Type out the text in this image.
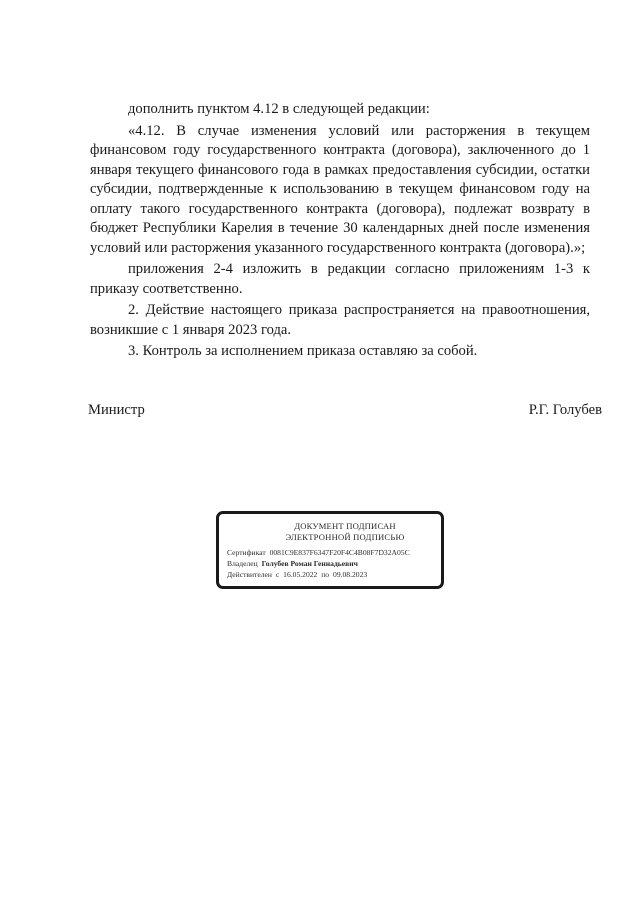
дополнить пунктом 4.12 в следующей редакции:

«4.12. В случае изменения условий или расторжения в текущем финансовом году государственного контракта (договора), заключенного до 1 января текущего финансового года в рамках предоставления субсидии, остатки субсидии, подтвержденные к использованию в текущем финансовом году на оплату такого государственного контракта (договора), подлежат возврату в бюджет Республики Карелия в течение 30 календарных дней после изменения условий или расторжения указанного государственного контракта (договора).»;

приложения 2-4 изложить в редакции согласно приложениям 1-3 к приказу соответственно.

2. Действие настоящего приказа распространяется на правоотношения, возникшие с 1 января 2023 года.

3. Контроль за исполнением приказа оставляю за собой.

Министр	Р.Г. Голубев
ДОКУМЕНТ ПОДПИСАН
ЭЛЕКТРОННОЙ ПОДПИСЬЮ
Сертификат 0081C9E837F6347F20F4C4B08F7D32A05C
Владелец Голубев Роман Геннадьевич
Действителен с 16.05.2022 по 09.08.2023
